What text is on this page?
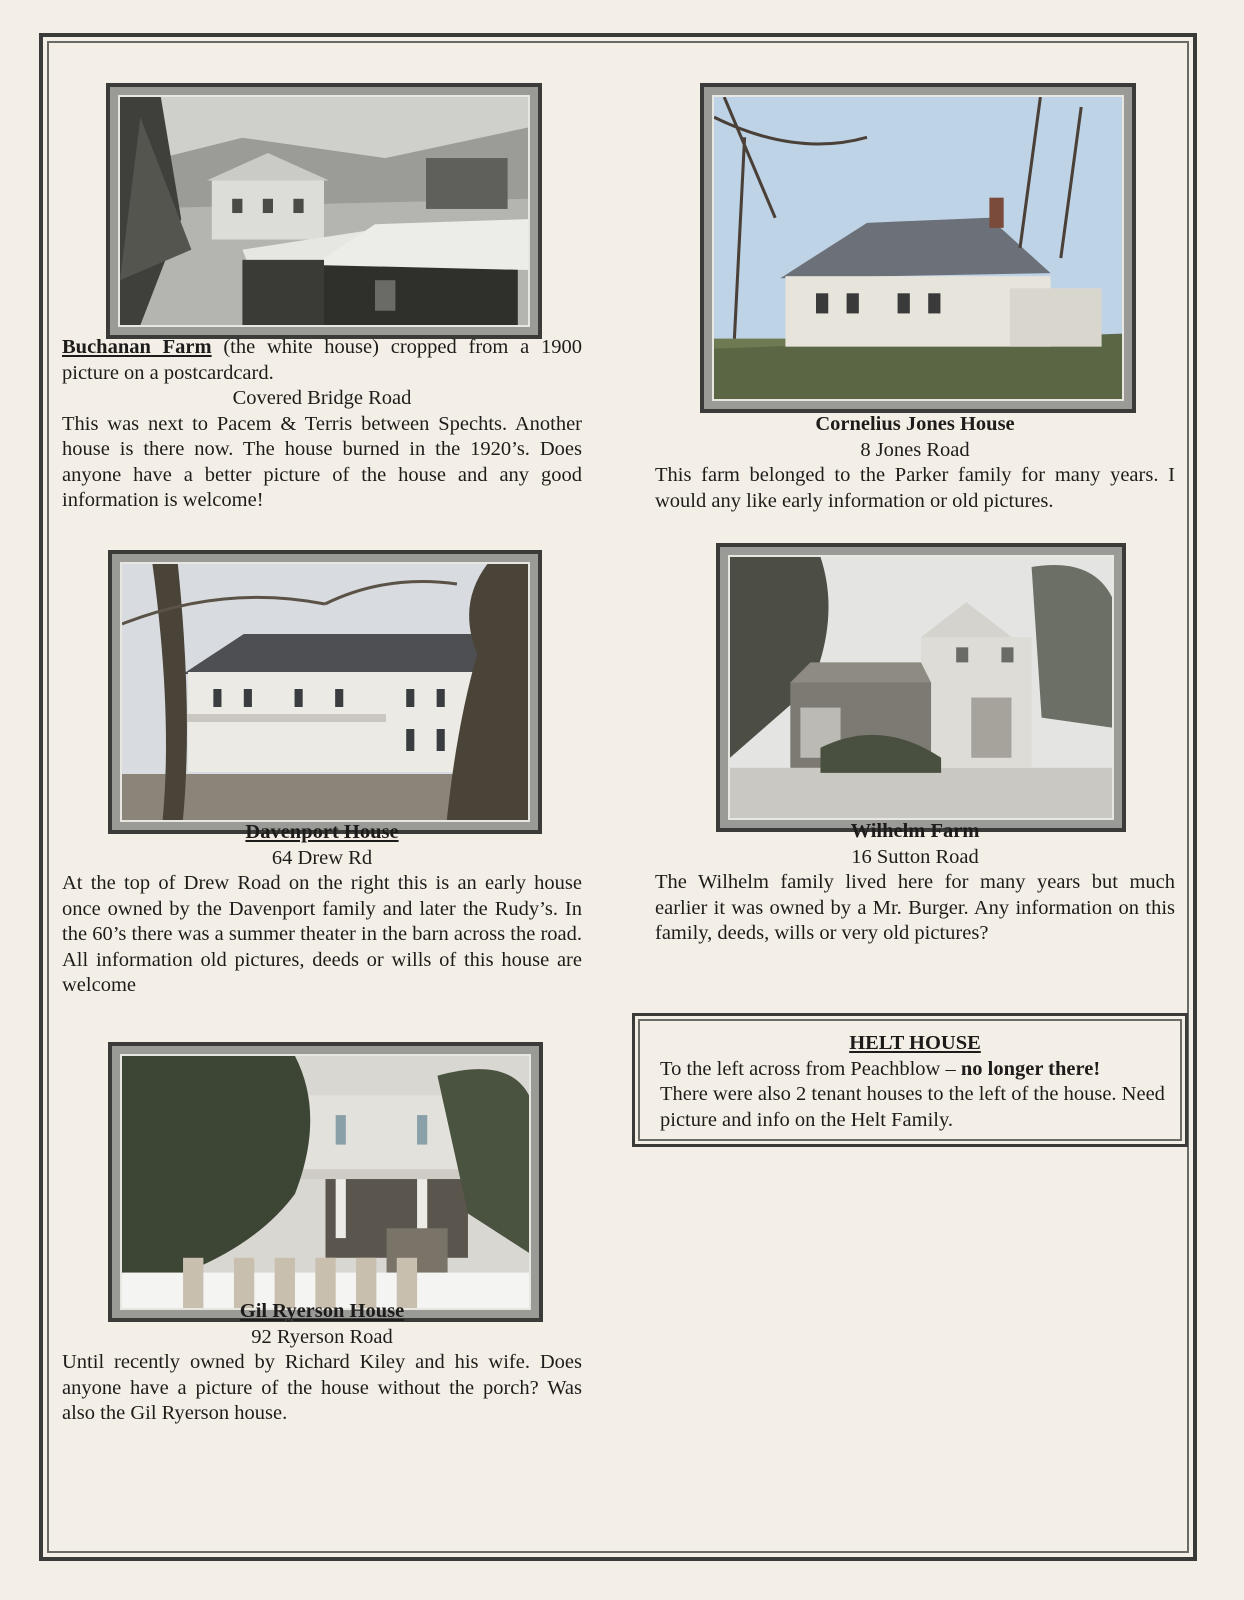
Buchanan Farm (the white house) cropped from a 1900 picture on a postcardcard.
Covered Bridge Road
This was next to Pacem & Terris between Spechts. Another house is there now. The house burned in the 1920’s. Does anyone have a better picture of the house and any good information is welcome!
Cornelius Jones House
8 Jones Road
This farm belonged to the Parker family for many years. I would any like early information or old pictures.
Davenport House
64 Drew Rd
At the top of Drew Road on the right this is an early house once owned by the Davenport family and later the Rudy’s. In the 60’s there was a summer theater in the barn across the road. All information old pictures, deeds or wills of this house are welcome
Wilhelm Farm
16 Sutton Road
The Wilhelm family lived here for many years but much earlier it was owned by a Mr. Burger. Any information on this family, deeds, wills or very old pictures?
HELT HOUSE
To the left across from Peachblow – no longer there!
There were also 2 tenant houses to the left of the house. Need picture and info on the Helt Family.
Gil Ryerson House
92 Ryerson Road
Until recently owned by Richard Kiley and his wife. Does anyone have a picture of the house without the porch? Was also the Gil Ryerson house.
